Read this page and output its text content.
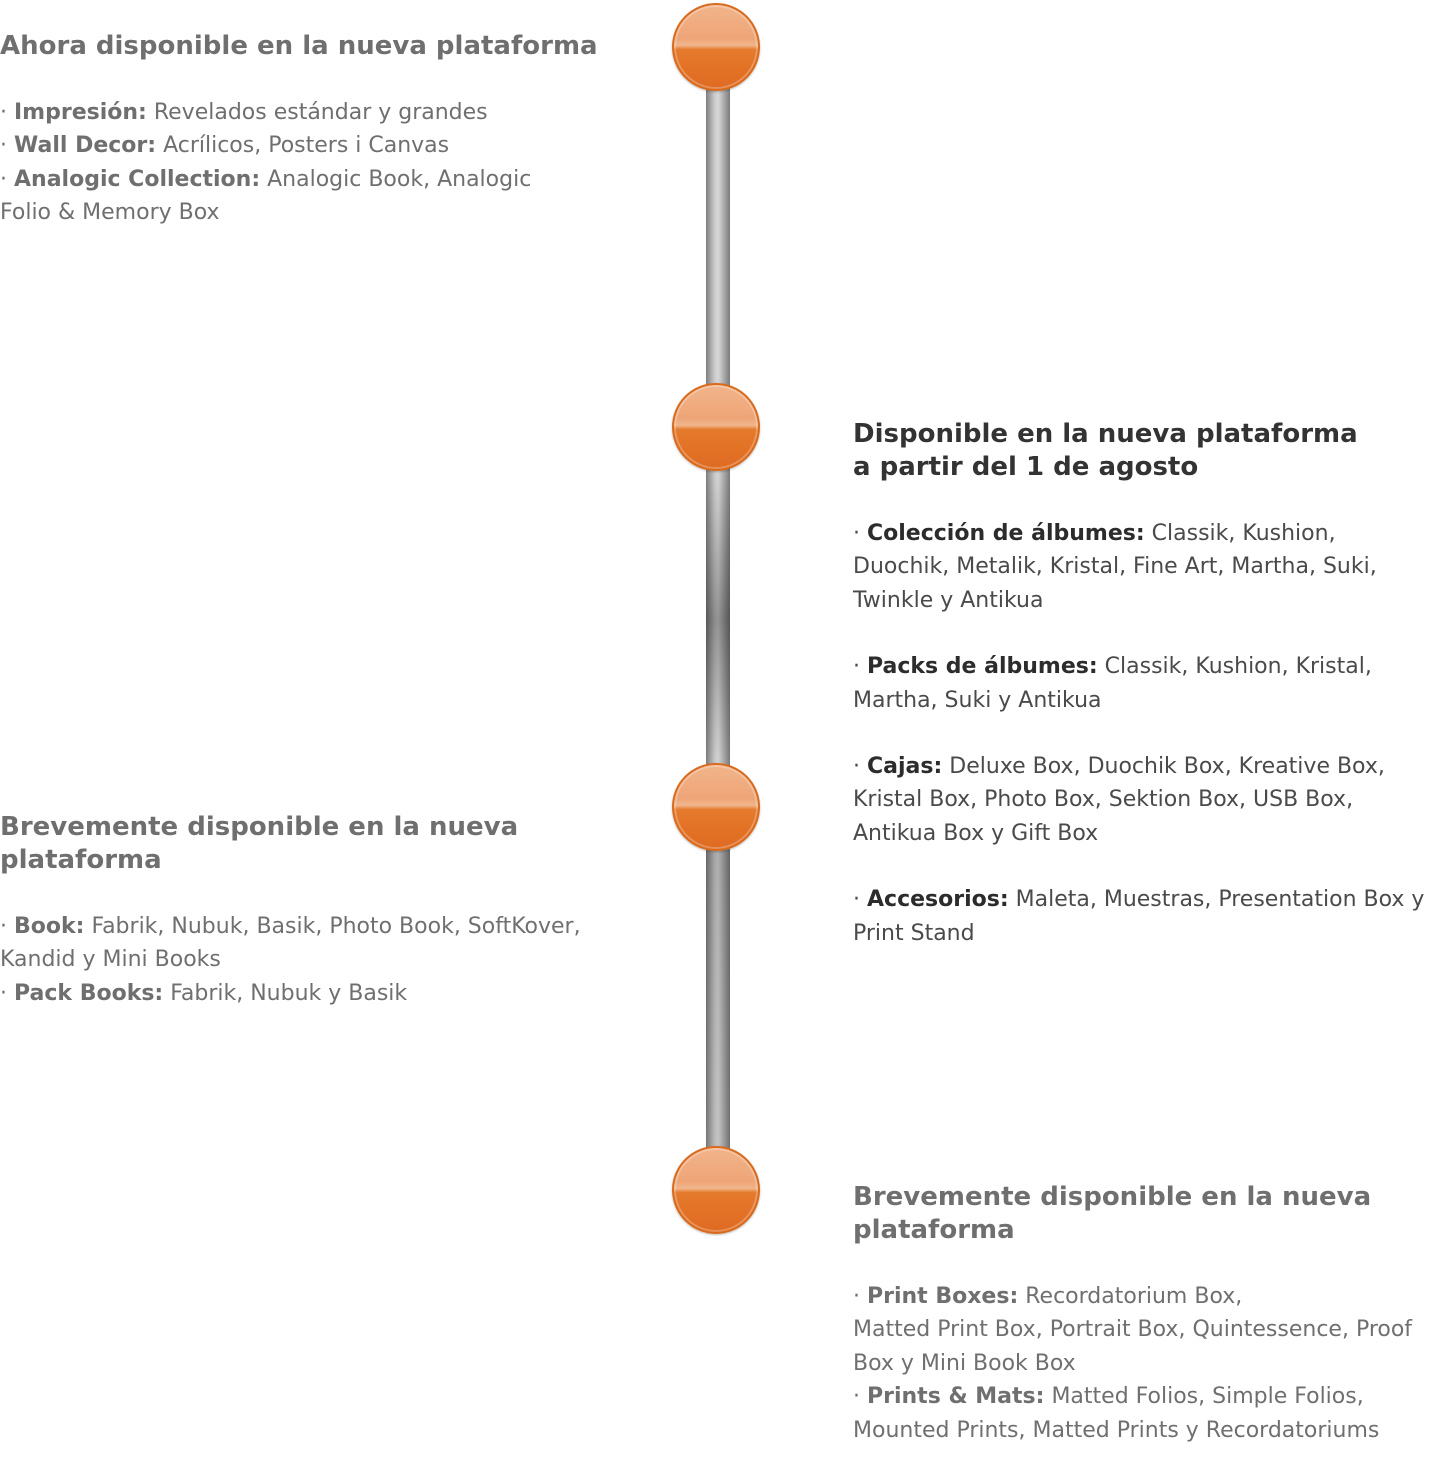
Ahora disponible en la nueva plataforma
· Impresión: Revelados estándar y grandes
· Wall Decor: Acrílicos, Posters i Canvas
· Analogic Collection: Analogic Book, Analogic Folio & Memory Box
Disponible en la nueva plataforma
a partir del 1 de agosto
· Colección de álbumes: Classik, Kushion, Duochik, Metalik, Kristal, Fine Art, Martha, Suki, Twinkle y Antikua
· Packs de álbumes: Classik, Kushion, Kristal, Martha, Suki y Antikua
· Cajas: Deluxe Box, Duochik Box, Kreative Box, Kristal Box, Photo Box, Sektion Box, USB Box, Antikua Box y Gift Box
· Accesorios: Maleta, Muestras, Presentation Box y Print Stand
Brevemente disponible en la nueva
plataforma
· Book: Fabrik, Nubuk, Basik, Photo Book, SoftKover, Kandid y Mini Books
· Pack Books: Fabrik, Nubuk y Basik
Brevemente disponible en la nueva
plataforma
· Print Boxes: Recordatorium Box,
Matted Print Box, Portrait Box, Quintessence, Proof Box y Mini Book Box
· Prints & Mats: Matted Folios, Simple Folios, Mounted Prints, Matted Prints y Recordatoriums
